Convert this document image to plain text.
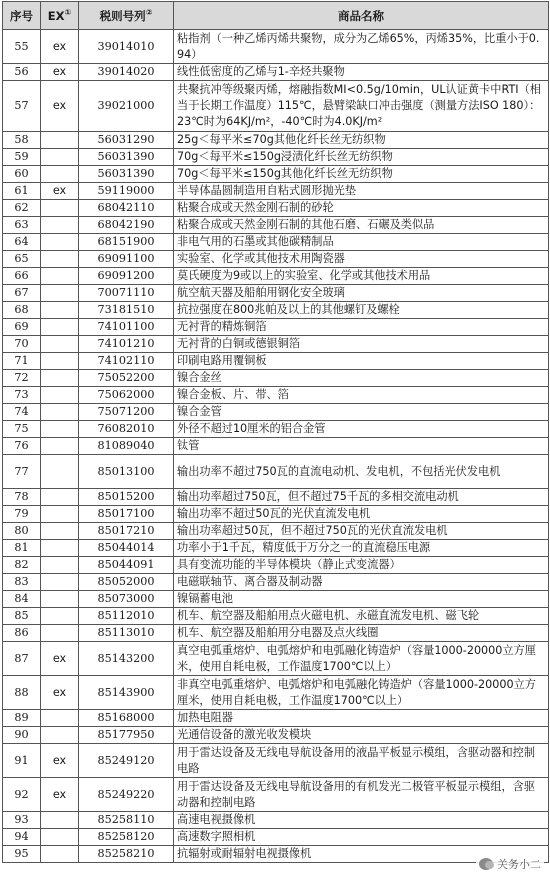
序号	EX①	税则号列②	商品名称
55	ex	39014010	粘指剂（一种乙烯丙烯共聚物，成分为乙烯65%，丙烯35%，比重小于0.94）
56	ex	39014020	线性低密度的乙烯与1-辛烃共聚物
57	ex	39021000	共聚抗冲等级聚丙烯，熔融指数MI<0.5g/10min，UL认证黄卡中RTI（相当于长期工作温度）115℃，悬臂梁缺口冲击强度（测量方法ISO 180）：23℃时为64KJ/m²，-40℃时为4.0KJ/m²
58		56031290	25g＜每平米≤70g其他化纤长丝无纺织物
59		56031390	70g＜每平米≤150g浸渍化纤长丝无纺织物
60		56031390	70g＜每平米≤150g其他化纤长丝无纺织物
61	ex	59119000	半导体晶圆制造用自粘式圆形抛光垫
62		68042110	粘聚合成或天然金刚石制的砂轮
63		68042190	粘聚合成或天然金刚石制的其他石磨、石碾及类似品
64		68151900	非电气用的石墨或其他碳精制品
65		69091100	实验室、化学或其他技术用陶瓷器
66		69091200	莫氏硬度为9或以上的实验室、化学或其他技术用品
67		70071110	航空航天器及船舶用钢化安全玻璃
68		73181510	抗拉强度在800兆帕及以上的其他螺钉及螺栓
69		74101100	无衬背的精炼铜箔
70		74101210	无衬背的白铜或德银铜箔
71		74102110	印刷电路用覆铜板
72		75052200	镍合金丝
73		75062000	镍合金板、片、带、箔
74		75071200	镍合金管
75		76082010	外径不超过10厘米的铝合金管
76		81089040	钛管
77		85013100	输出功率不超过750瓦的直流电动机、发电机，不包括光伏发电机
78		85015200	输出功率超过750瓦，但不超过75千瓦的多相交流电动机
79		85017100	输出功率不超过50瓦的光伏直流发电机
80		85017210	输出功率超过50瓦，但不超过750瓦的光伏直流发电机
81		85044014	功率小于1千瓦，精度低于万分之一的直流稳压电源
82		85044091	具有变流功能的半导体模块（静止式变流器）
83		85052000	电磁联轴节、离合器及制动器
84		85073000	镍镉蓄电池
85		85112010	机车、航空器及船舶用点火磁电机、永磁直流发电机、磁飞轮
86		85113010	机车、航空器及船舶用分电器及点火线圈
87	ex	85143200	真空电弧重熔炉、电弧熔炉和电弧融化铸造炉（容量1000-20000立方厘米，使用自耗电极，工作温度1700℃以上）
88	ex	85143900	非真空电弧重熔炉、电弧熔炉和电弧融化铸造炉（容量1000-20000立方厘米，使用自耗电极，工作温度1700℃以上）
89		85168000	加热电阻器
90		85177950	光通信设备的激光收发模块
91	ex	85249120	用于雷达设备及无线电导航设备用的液晶平板显示模组，含驱动器和控制电路
92	ex	85249220	用于雷达设备及无线电导航设备用的有机发光二极管平板显示模组，含驱动器和控制电路
93		85258110	高速电视摄像机
94		85258120	高速数字照相机
95		85258210	抗辐射或耐辐射电视摄像机
关务小二
